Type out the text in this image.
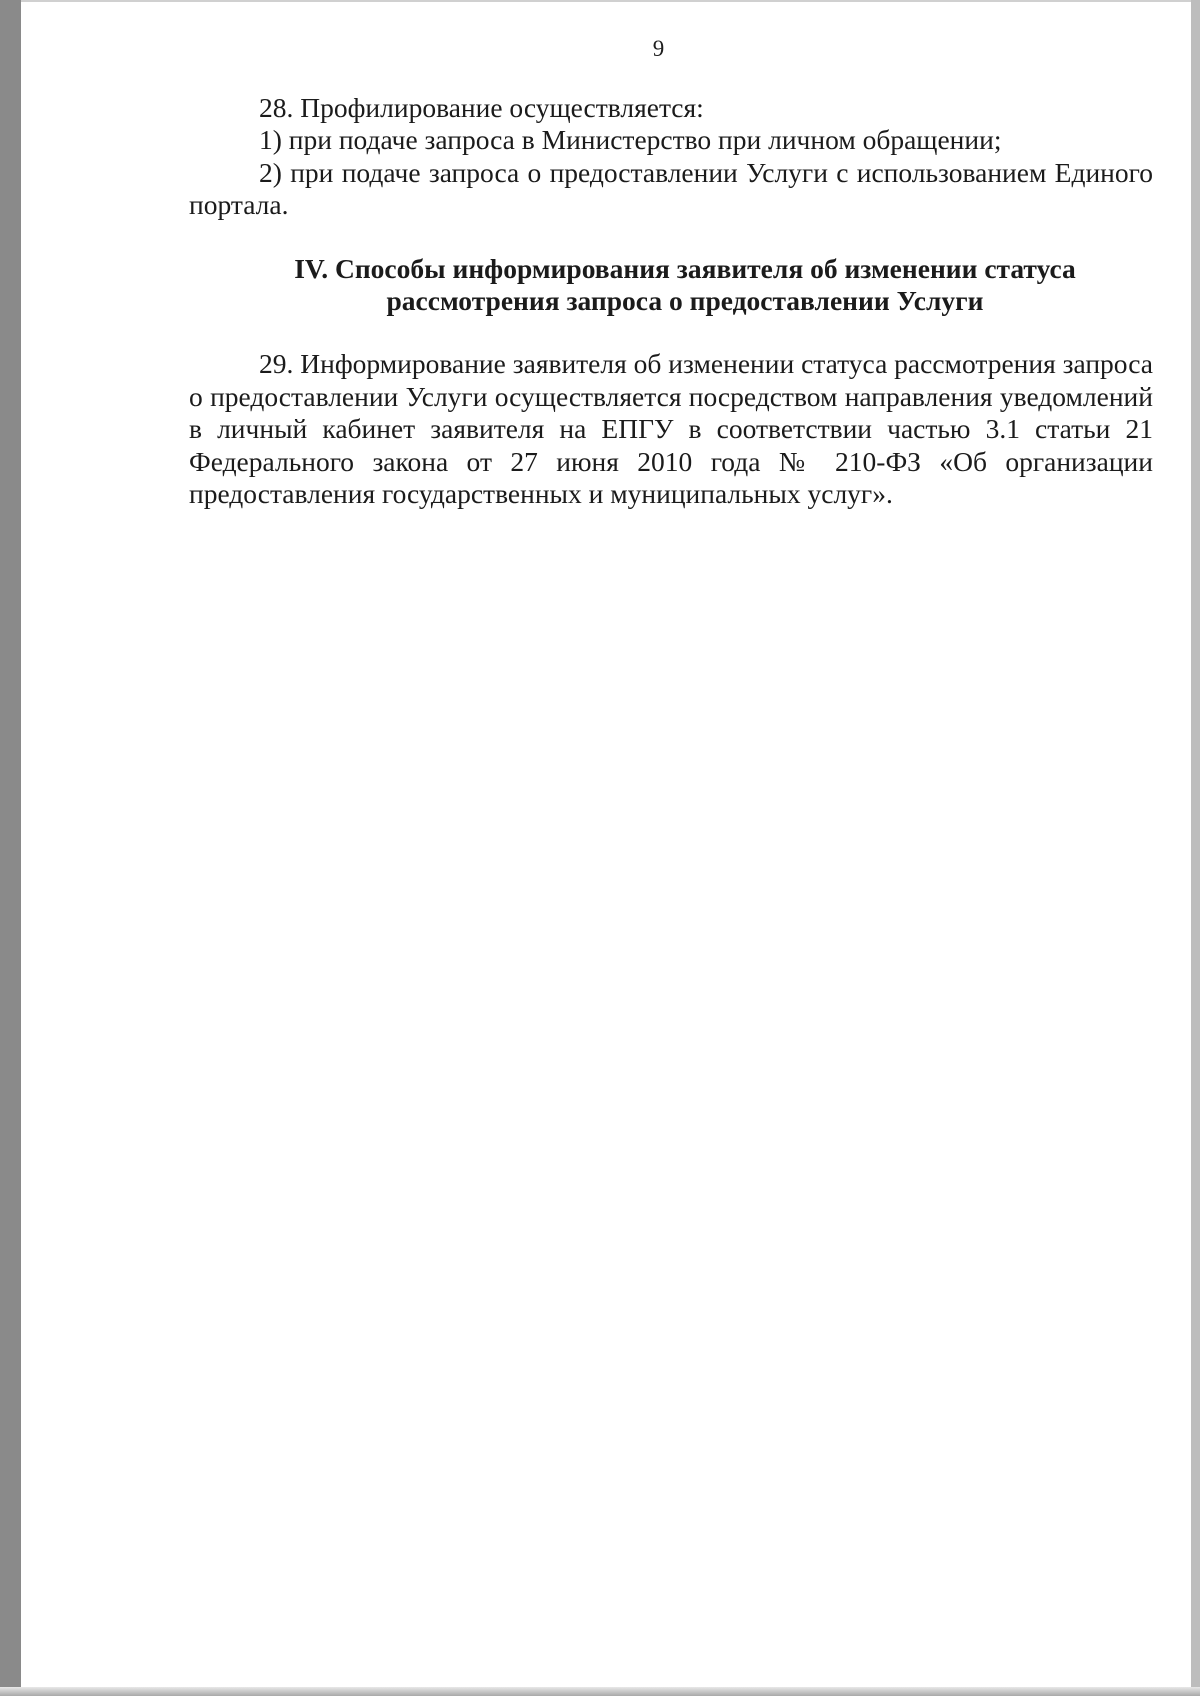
9

28. Профилирование осуществляется:

1) при подаче запроса в Министерство при личном обращении;

2) при подаче запроса о предоставлении Услуги с использованием Единого портала.

IV. Способы информирования заявителя об изменении статуса
рассмотрения запроса о предоставлении Услуги

29. Информирование заявителя об изменении статуса рассмотрения запроса о предоставлении Услуги осуществляется посредством направления уведомлений в личный кабинет заявителя на ЕПГУ в соответствии частью 3.1 статьи 21 Федерального закона от 27 июня 2010 года № 210-ФЗ «Об организации предоставления государственных и муниципальных услуг».
